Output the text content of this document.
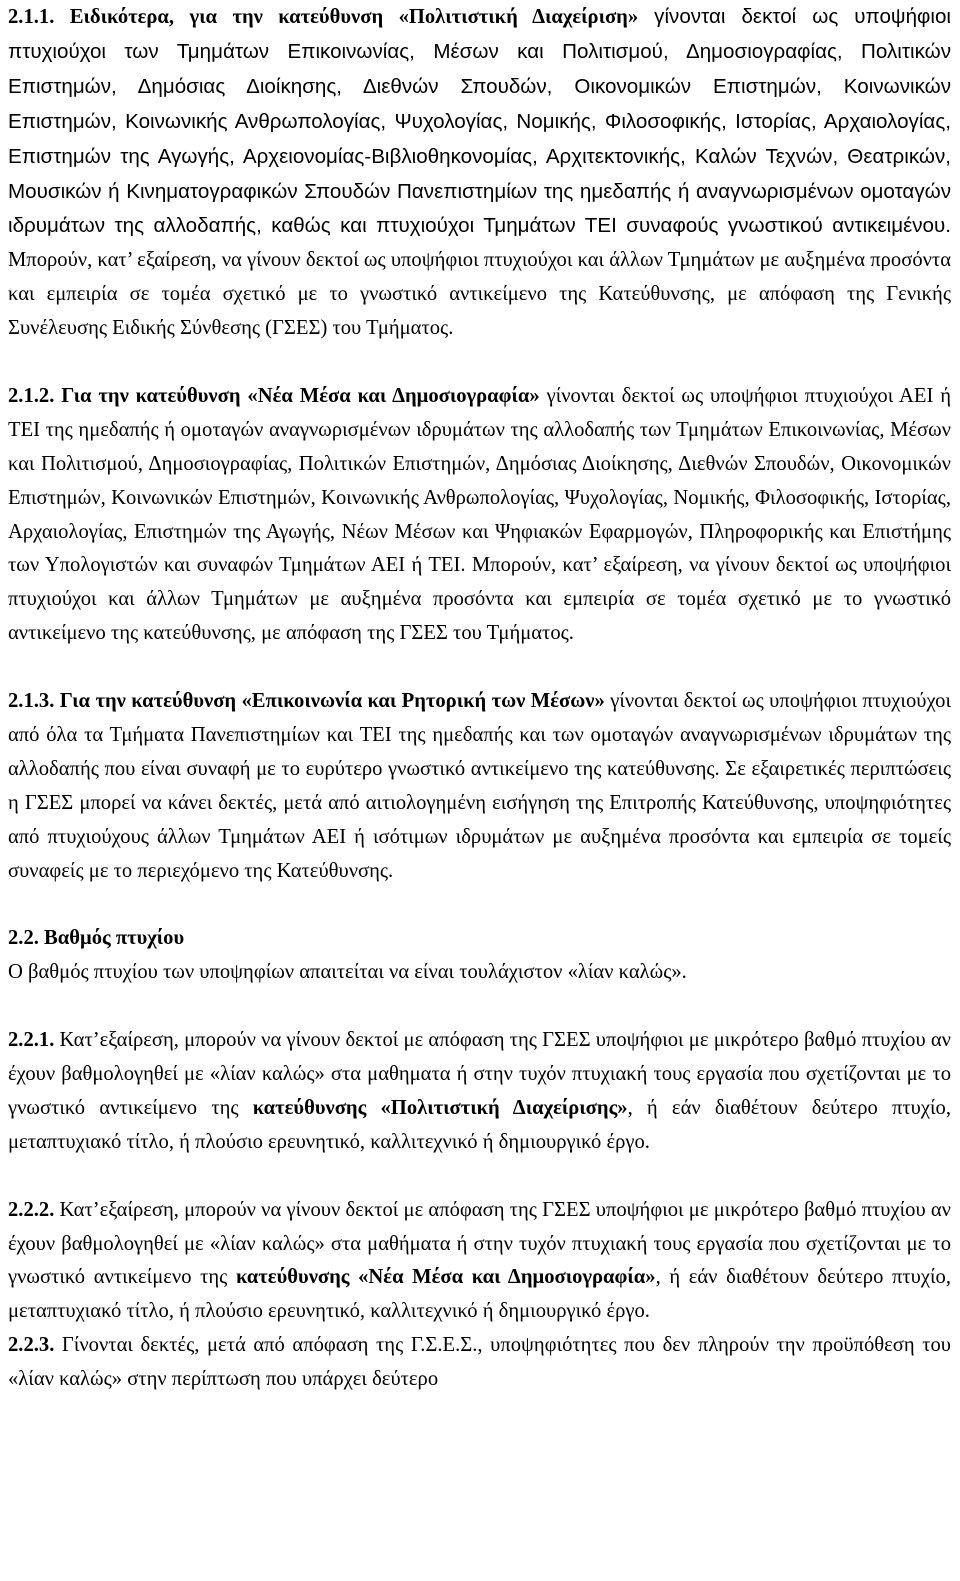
2.1.1. Ειδικότερα, για την κατεύθυνση «Πολιτιστική Διαχείριση» γίνονται δεκτοί ως υποψήφιοι πτυχιούχοι των Τμημάτων Επικοινωνίας, Μέσων και Πολιτισμού, Δημοσιογραφίας, Πολιτικών Επιστημών, Δημόσιας Διοίκησης, Διεθνών Σπουδών, Οικονομικών Επιστημών, Κοινωνικών Επιστημών, Κοινωνικής Ανθρωπολογίας, Ψυχολογίας, Νομικής, Φιλοσοφικής, Ιστορίας, Αρχαιολογίας, Επιστημών της Αγωγής, Αρχειονομίας-Βιβλιοθηκονομίας, Αρχιτεκτονικής, Καλών Τεχνών, Θεατρικών, Μουσικών ή Κινηματογραφικών Σπουδών Πανεπιστημίων της ημεδαπής ή αναγνωρισμένων ομοταγών ιδρυμάτων της αλλοδαπής, καθώς και πτυχιούχοι Τμημάτων ΤΕΙ συναφούς γνωστικού αντικειμένου. Μπορούν, κατ’ εξαίρεση, να γίνουν δεκτοί ως υποψήφιοι πτυχιούχοι και άλλων Τμημάτων με αυξημένα προσόντα και εμπειρία σε τομέα σχετικό με το γνωστικό αντικείμενο της Κατεύθυνσης, με απόφαση της Γενικής Συνέλευσης Ειδικής Σύνθεσης (ΓΣΕΣ) του Τμήματος.

2.1.2. Για την κατεύθυνση «Νέα Μέσα και Δημοσιογραφία» γίνονται δεκτοί ως υποψήφιοι πτυχιούχοι ΑΕΙ ή ΤΕΙ της ημεδαπής ή ομοταγών αναγνωρισμένων ιδρυμάτων της αλλοδαπής των Τμημάτων Επικοινωνίας, Μέσων και Πολιτισμού, Δημοσιογραφίας, Πολιτικών Επιστημών, Δημόσιας Διοίκησης, Διεθνών Σπουδών, Οικονομικών Επιστημών, Κοινωνικών Επιστημών, Κοινωνικής Ανθρωπολογίας, Ψυχολογίας, Νομικής, Φιλοσοφικής, Ιστορίας, Αρχαιολογίας, Επιστημών της Αγωγής, Νέων Μέσων και Ψηφιακών Εφαρμογών, Πληροφορικής και Επιστήμης των Υπολογιστών και συναφών Τμημάτων ΑΕΙ ή ΤΕΙ. Μπορούν, κατ’ εξαίρεση, να γίνουν δεκτοί ως υποψήφιοι πτυχιούχοι και άλλων Τμημάτων με αυξημένα προσόντα και εμπειρία σε τομέα σχετικό με το γνωστικό αντικείμενο της κατεύθυνσης, με απόφαση της ΓΣΕΣ του Τμήματος.

2.1.3. Για την κατεύθυνση «Επικοινωνία και Ρητορική των Μέσων» γίνονται δεκτοί ως υποψήφιοι πτυχιούχοι από όλα τα Τμήματα Πανεπιστημίων και ΤΕΙ της ημεδαπής και των ομοταγών αναγνωρισμένων ιδρυμάτων της αλλοδαπής που είναι συναφή με το ευρύτερο γνωστικό αντικείμενο της κατεύθυνσης. Σε εξαιρετικές περιπτώσεις η ΓΣΕΣ μπορεί να κάνει δεκτές, μετά από αιτιολογημένη εισήγηση της Επιτροπής Κατεύθυνσης, υποψηφιότητες από πτυχιούχους άλλων Τμημάτων ΑΕΙ ή ισότιμων ιδρυμάτων με αυξημένα προσόντα και εμπειρία σε τομείς συναφείς με το περιεχόμενο της Κατεύθυνσης.

2.2. Βαθμός πτυχίου

Ο βαθμός πτυχίου των υποψηφίων απαιτείται να είναι τουλάχιστον «λίαν καλώς».

2.2.1. Κατ’εξαίρεση, μπορούν να γίνουν δεκτοί με απόφαση της ΓΣΕΣ υποψήφιοι με μικρότερο βαθμό πτυχίου αν έχουν βαθμολογηθεί με «λίαν καλώς» στα μαθηματα ή στην τυχόν πτυχιακή τους εργασία που σχετίζονται με το γνωστικό αντικείμενο της κατεύθυνσης «Πολιτιστική Διαχείρισης», ή εάν διαθέτουν δεύτερο πτυχίο, μεταπτυχιακό τίτλο, ή πλούσιο ερευνητικό, καλλιτεχνικό ή δημιουργικό έργο.

2.2.2. Κατ’εξαίρεση, μπορούν να γίνουν δεκτοί με απόφαση της ΓΣΕΣ υποψήφιοι με μικρότερο βαθμό πτυχίου αν έχουν βαθμολογηθεί με «λίαν καλώς» στα μαθήματα ή στην τυχόν πτυχιακή τους εργασία που σχετίζονται με το γνωστικό αντικείμενο της κατεύθυνσης «Νέα Μέσα και Δημοσιογραφία», ή εάν διαθέτουν δεύτερο πτυχίο, μεταπτυχιακό τίτλο, ή πλούσιο ερευνητικό, καλλιτεχνικό ή δημιουργικό έργο.

2.2.3. Γίνονται δεκτές, μετά από απόφαση της Γ.Σ.Ε.Σ., υποψηφιότητες που δεν πληρούν την προϋπόθεση του «λίαν καλώς» στην περίπτωση που υπάρχει δεύτερο
